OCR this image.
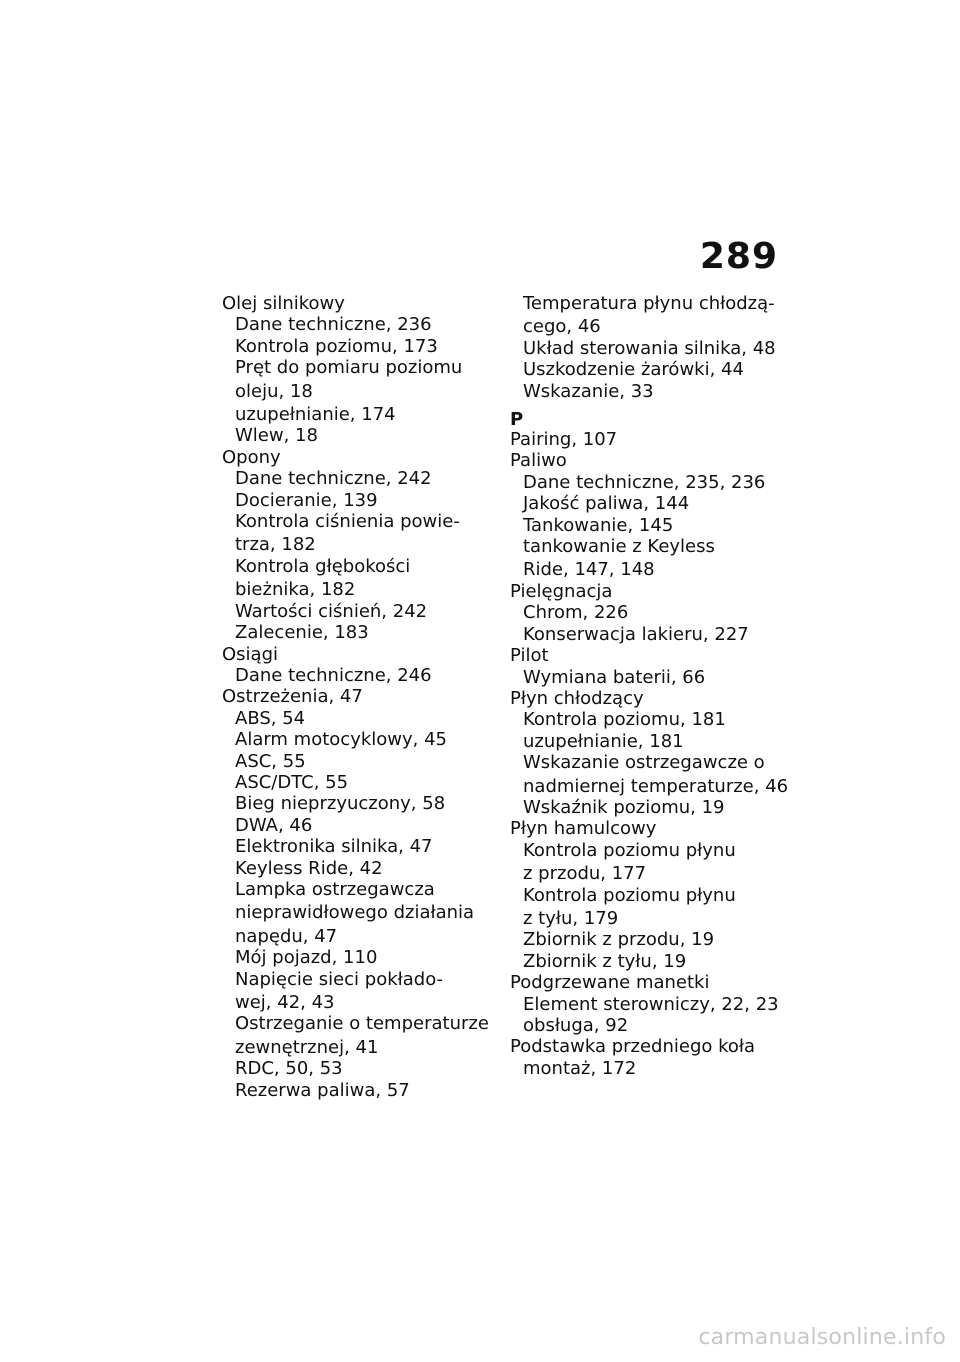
289
Olej silnikowy
Dane techniczne, 236
Kontrola poziomu, 173
Pręt do pomiaru poziomu
oleju, 18
uzupełnianie, 174
Wlew, 18
Opony
Dane techniczne, 242
Docieranie, 139
Kontrola ciśnienia powie-
trza, 182
Kontrola głębokości
bieżnika, 182
Wartości ciśnień, 242
Zalecenie, 183
Osiągi
Dane techniczne, 246
Ostrzeżenia, 47
ABS, 54
Alarm motocyklowy, 45
ASC, 55
ASC/DTC, 55
Bieg nieprzyuczony, 58
DWA, 46
Elektronika silnika, 47
Keyless Ride, 42
Lampka ostrzegawcza
nieprawidłowego działania
napędu, 47
Mój pojazd, 110
Napięcie sieci pokłado-
wej, 42, 43
Ostrzeganie o temperaturze
zewnętrznej, 41
RDC, 50, 53
Rezerwa paliwa, 57
Temperatura płynu chłodzą-
cego, 46
Układ sterowania silnika, 48
Uszkodzenie żarówki, 44
Wskazanie, 33
P
Pairing, 107
Paliwo
Dane techniczne, 235, 236
Jakość paliwa, 144
Tankowanie, 145
tankowanie z Keyless
Ride, 147, 148
Pielęgnacja
Chrom, 226
Konserwacja lakieru, 227
Pilot
Wymiana baterii, 66
Płyn chłodzący
Kontrola poziomu, 181
uzupełnianie, 181
Wskazanie ostrzegawcze o
nadmiernej temperaturze, 46
Wskaźnik poziomu, 19
Płyn hamulcowy
Kontrola poziomu płynu
z przodu, 177
Kontrola poziomu płynu
z tyłu, 179
Zbiornik z przodu, 19
Zbiornik z tyłu, 19
Podgrzewane manetki
Element sterowniczy, 22, 23
obsługa, 92
Podstawka przedniego koła
montaż, 172
carmanualsonline.info
